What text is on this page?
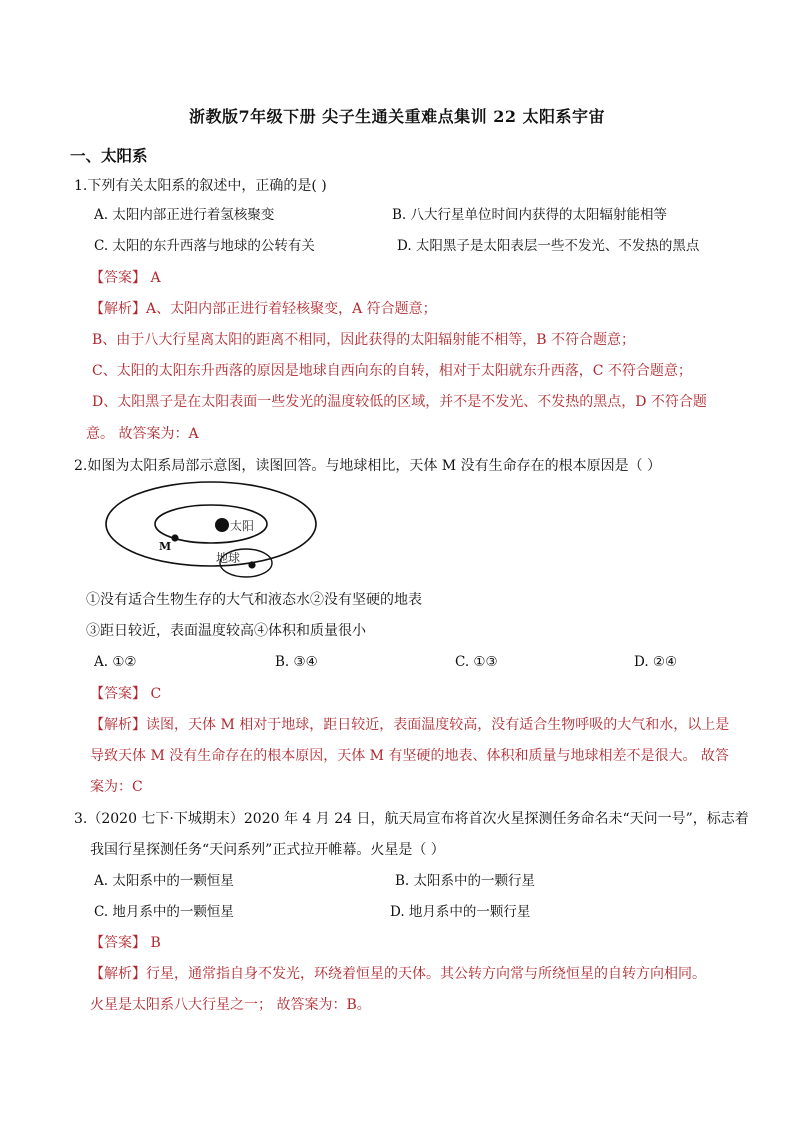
浙教版7年级下册 尖子生通关重难点集训 22 太阳系宇宙
一、太阳系
1.下列有关太阳系的叙述中，正确的是( )
A. 太阳内部正进行着氢核聚变	B. 八大行星单位时间内获得的太阳辐射能相等
C. 太阳的东升西落与地球的公转有关	D. 太阳黑子是太阳表层一些不发光、不发热的黑点
【答案】 A
【解析】A、太阳内部正进行着轻核聚变，A 符合题意；
B、由于八大行星离太阳的距离不相同，因此获得的太阳辐射能不相等，B 不符合题意；
C、太阳的太阳东升西落的原因是地球自西向东的自转，相对于太阳就东升西落，C 不符合题意；
D、太阳黑子是在太阳表面一些发光的温度较低的区域，并不是不发光、不发热的黑点，D 不符合题
意。 故答案为：A
2.如图为太阳系局部示意图，读图回答。与地球相比，天体 M 没有生命存在的根本原因是（ ）
太阳
M
地球
①没有适合生物生存的大气和液态水②没有坚硬的地表
③距日较近，表面温度较高④体积和质量很小
A. ①②	B. ③④	C. ①③	D. ②④
【答案】 C
【解析】读图，天体 M 相对于地球，距日较近，表面温度较高，没有适合生物呼吸的大气和水，以上是
导致天体 M 没有生命存在的根本原因，天体 M 有坚硬的地表、体积和质量与地球相差不是很大。 故答
案为：C
3.（2020 七下·下城期末）2020 年 4 月 24 日，航天局宣布将首次火星探测任务命名未“天问一号”，标志着
我国行星探测任务“天问系列”正式拉开帷幕。火星是（ ）
A. 太阳系中的一颗恒星	B. 太阳系中的一颗行星
C. 地月系中的一颗恒星	D. 地月系中的一颗行星
【答案】 B
【解析】行星，通常指自身不发光，环绕着恒星的天体。其公转方向常与所绕恒星的自转方向相同。
火星是太阳系八大行星之一； 故答案为：B。
